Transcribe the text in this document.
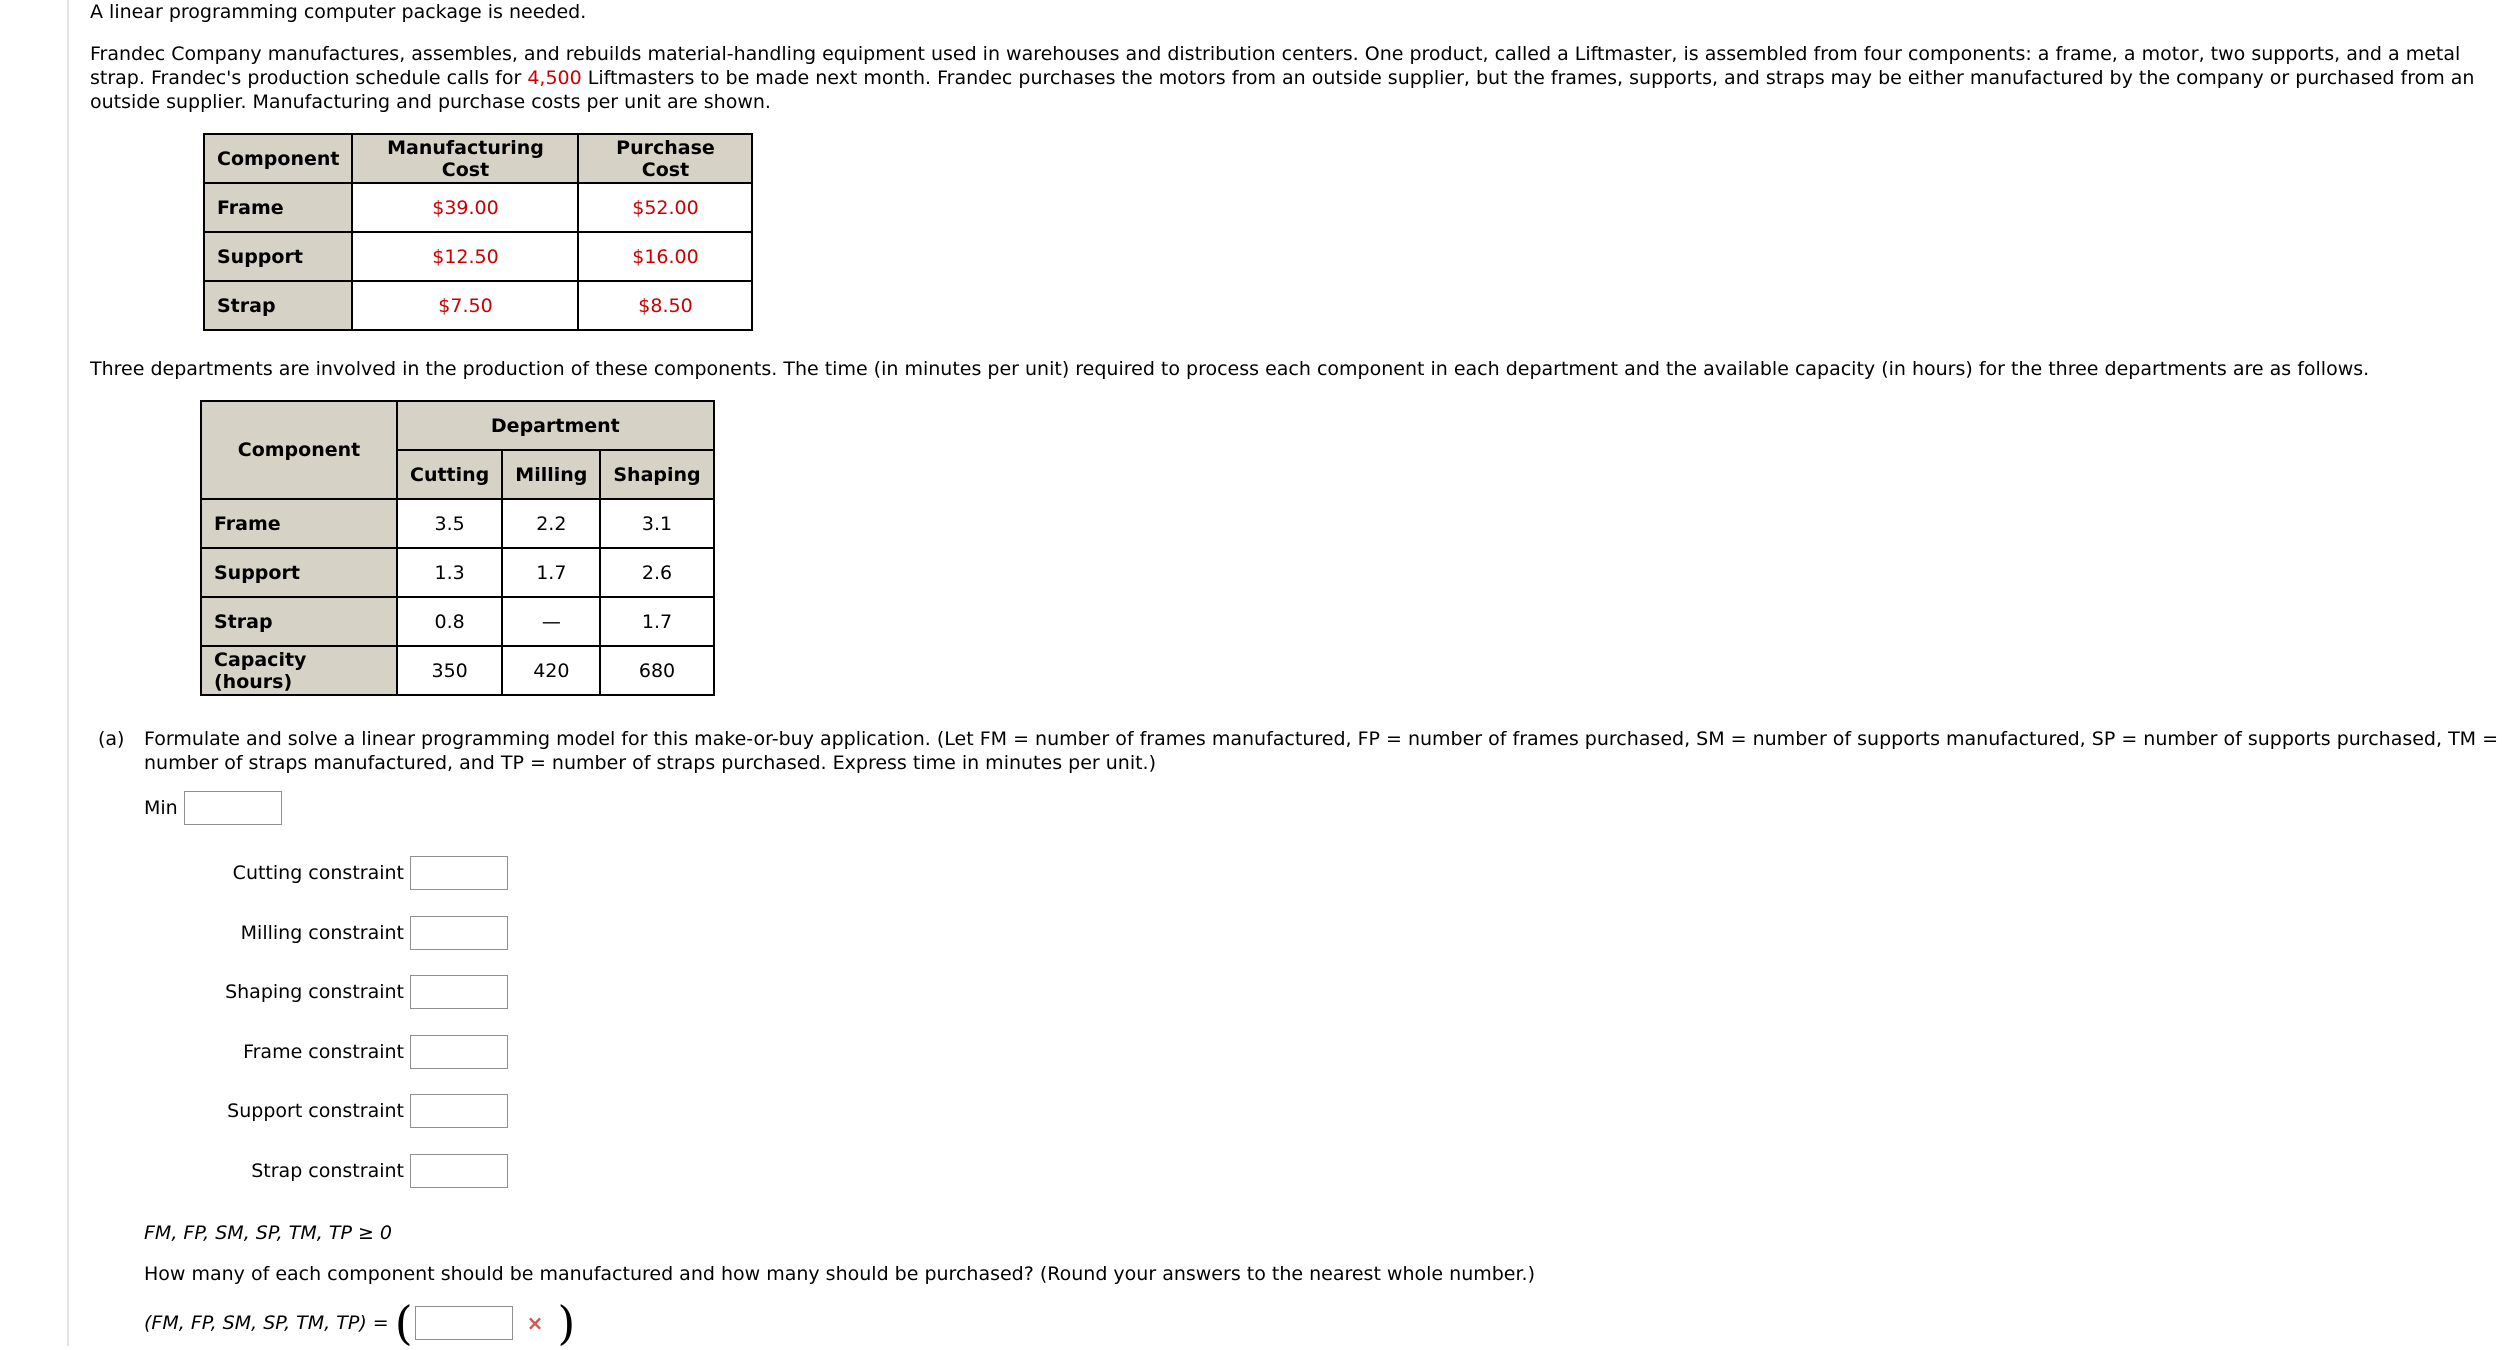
A linear programming computer package is needed.

Frandec Company manufactures, assembles, and rebuilds material-handling equipment used in warehouses and distribution centers. One product, called a Liftmaster, is assembled from four components: a frame, a motor, two supports, and a metal strap. Frandec's production schedule calls for 4,500 Liftmasters to be made next month. Frandec purchases the motors from an outside supplier, but the frames, supports, and straps may be either manufactured by the company or purchased from an outside supplier. Manufacturing and purchase costs per unit are shown.

Component	Manufacturing Cost	Purchase Cost
Frame	$39.00	$52.00
Support	$12.50	$16.00
Strap	$7.50	$8.50

Three departments are involved in the production of these components. The time (in minutes per unit) required to process each component in each department and the available capacity (in hours) for the three departments are as follows.

Component	Department		
	Cutting	Milling	Shaping
Frame	3.5	2.2	3.1
Support	1.3	1.7	2.6
Strap	0.8	—	1.7
Capacity (hours)	350	420	680
(a) Formulate and solve a linear programming model for this make-or-buy application. (Let FM = number of frames manufactured, FP = number of frames purchased, SM = number of supports manufactured, SP = number of supports purchased, TM = number of straps manufactured, and TP = number of straps purchased. Express time in minutes per unit.)
Min
Cutting constraint
Milling constraint
Shaping constraint
Frame constraint
Support constraint
Strap constraint

FM, FP, SM, SP, TM, TP ≥ 0

How many of each component should be manufactured and how many should be purchased? (Round your answers to the nearest whole number.)

(FM, FP, SM, SP, TM, TP) = (	× )
